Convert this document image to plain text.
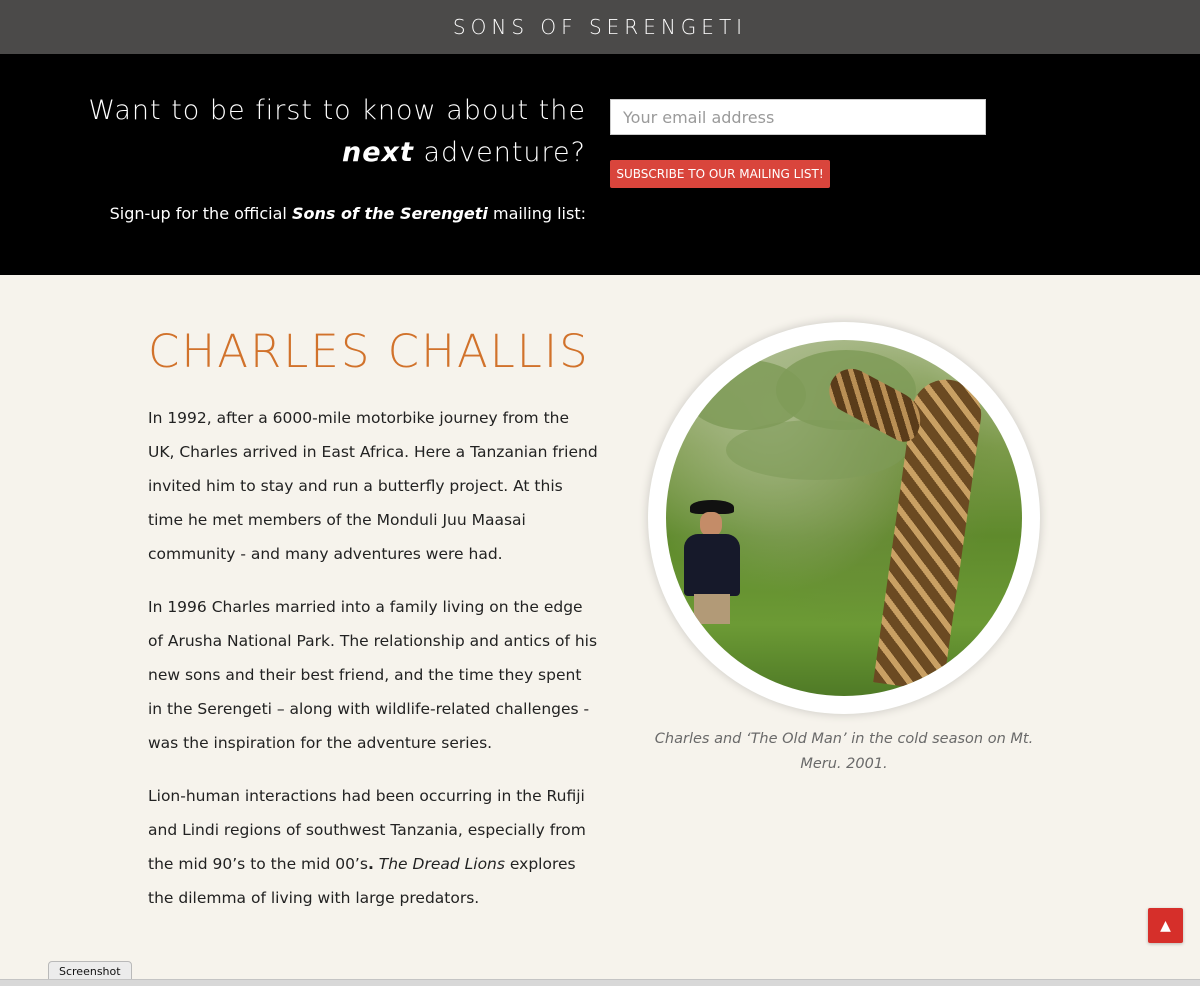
SONS OF SERENGETI
Want to be first to know about the
next adventure?
Sign-up for the official Sons of the Serengeti mailing list:
Your email address
SUBSCRIBE TO OUR MAILING LIST!
CHARLES CHALLIS

In 1992, after a 6000-mile motorbike journey from the UK, Charles arrived in East Africa. Here a Tanzanian friend invited him to stay and run a butterfly project. At this time he met members of the Monduli Juu Maasai community - and many adventures were had.

In 1996 Charles married into a family living on the edge of Arusha National Park. The relationship and antics of his new sons and their best friend, and the time they spent in the Serengeti – along with wildlife-related challenges - was the inspiration for the adventure series.

Lion-human interactions had been occurring in the Rufiji and Lindi regions of southwest Tanzania, especially from the mid 90’s to the mid 00’s. The Dread Lions explores the dilemma of living with large predators.

Charles and ‘The Old Man’ in the cold season on Mt. Meru. 2001.
▲
Screenshot
